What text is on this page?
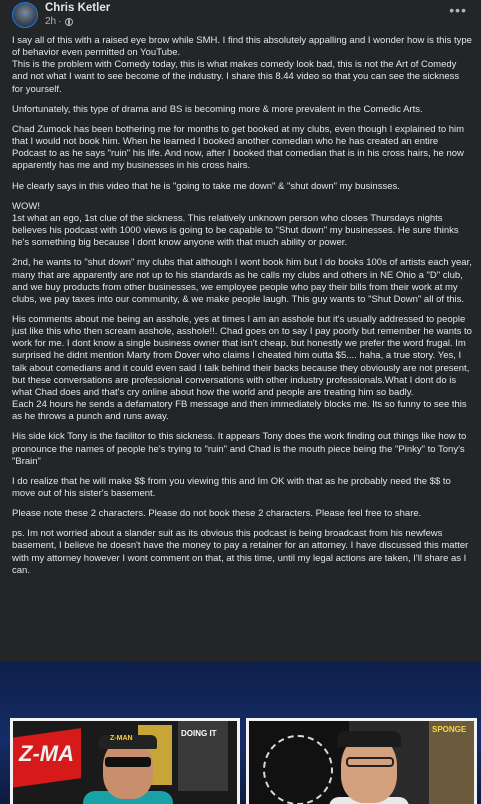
Chris Ketler
2h ·
•••

I say all of this with a raised eye brow while SMH. I find this absolutely appalling and I wonder how is this type of behavior even permitted on YouTube.
This is the problem with Comedy today, this is what makes comedy look bad, this is not the Art of Comedy and not what I want to see become of the industry. I share this 8.44 video so that you can see the sickness for yourself.

Unfortunately, this type of drama and BS is becoming more & more prevalent in the Comedic Arts.

Chad Zumock has been bothering me for months to get booked at my clubs, even though I explained to him that I would not book him. When he learned I booked another comedian who he has created an entire Podcast to as he says "ruin" his life. And now, after I booked that comedian that is in his cross hairs, he now apparently has me and my businesses in his cross hairs.

He clearly says in this video that he is "going to take me down" & "shut down" my businsses.

WOW!
1st what an ego, 1st clue of the sickness. This relatively unknown person who closes Thursdays nights believes his podcast with 1000 views is going to be capable to "Shut down" my businesses. He sure thinks he's something big because I dont know anyone with that much ability or power.

2nd, he wants to "shut down" my clubs that although I wont book him but I do books 100s of artists each year, many that are apparently are not up to his standards as he calls my clubs and others in NE Ohio a "D" club, and we buy products from other businesses, we employee people who pay their bills from their work at my clubs, we pay taxes into our community, & we make people laugh. This guy wants to "Shut Down" all of this.

His comments about me being an asshole, yes at times I am an asshole but it's usually addressed to people just like this who then scream asshole, asshole!!. Chad goes on to say I pay poorly but remember he wants to work for me. I dont know a single business owner that isn't cheap, but honestly we prefer the word frugal. Im surprised he didnt mention Marty from Dover who claims I cheated him outta $5.... haha, a true story. Yes, I talk about comedians and it could even said I talk behind their backs because they obviously are not present, but these conversations are professional conversations with other industry professionals.What I dont do is what Chad does and that's cry online about how the world and people are treating him so badly.
Each 24 hours he sends a defamatory FB message and then immediately blocks me. Its so funny to see this as he throws a punch and runs away.

His side kick Tony is the facilitor to this sickness. It appears Tony does the work finding out things like how to pronounce the names of people he's trying to "ruin" and Chad is the mouth piece being the "Pinky" to Tony's "Brain"

I do realize that he will make $$ from you viewing this and Im OK with that as he probably need the $$ to move out of his sister's basement.

Please note these 2 characters. Please do not book these 2 characters. Please feel free to share.

ps. Im not worried about a slander suit as its obvious this podcast is being broadcast from his newfews basement, I believe he doesn't have the money to pay a retainer for an attorney. I have discussed this matter with my attorney however I wont comment on that, at this time, until my legal actions are taken, I'll share as I can.

Z-MA
DOING IT
Z-MAN
SPONGE
